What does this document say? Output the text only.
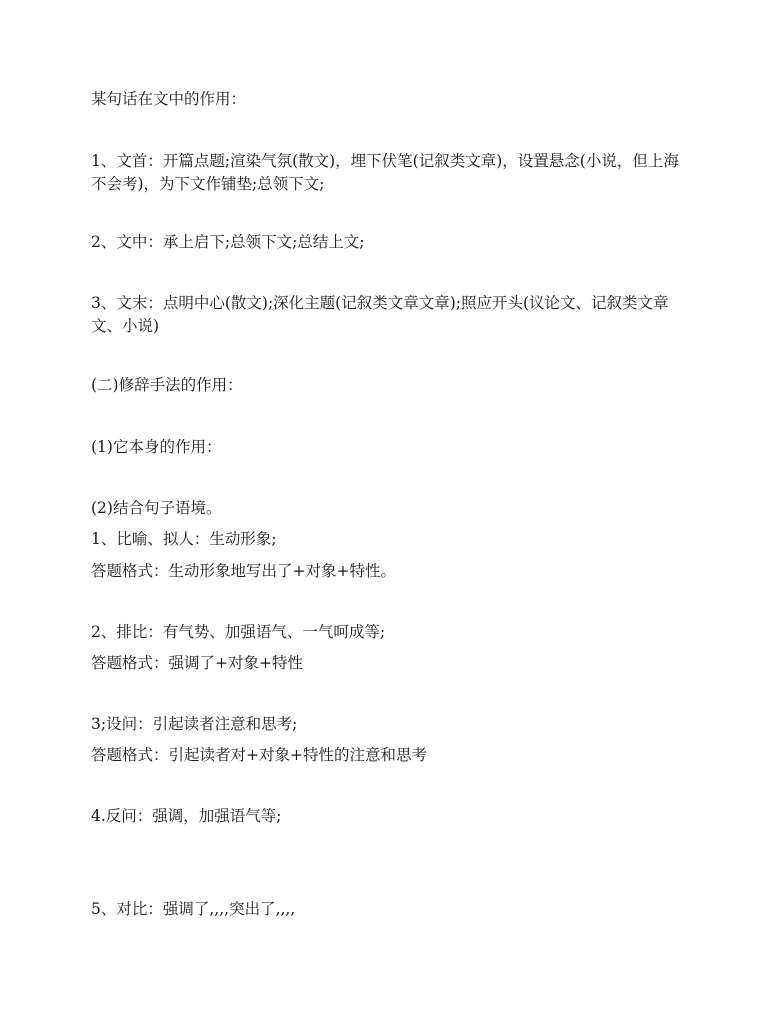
某句话在文中的作用：
1、文首：开篇点题;渲染气氛(散文)，埋下伏笔(记叙类文章)，设置悬念(小说，但上海不会考)，为下文作铺垫;总领下文;
2、文中：承上启下;总领下文;总结上文;
3、文末：点明中心(散文);深化主题(记叙类文章文章);照应开头(议论文、记叙类文章文、小说)
(二)修辞手法的作用：
(1)它本身的作用：
(2)结合句子语境。
1、比喻、拟人：生动形象;
答题格式：生动形象地写出了+对象+特性。
2、排比：有气势、加强语气、一气呵成等;
答题格式：强调了+对象+特性
3;设问：引起读者注意和思考;
答题格式：引起读者对+对象+特性的注意和思考
4.反问：强调，加强语气等;
5、对比：强调了,,,,突出了,,,,
